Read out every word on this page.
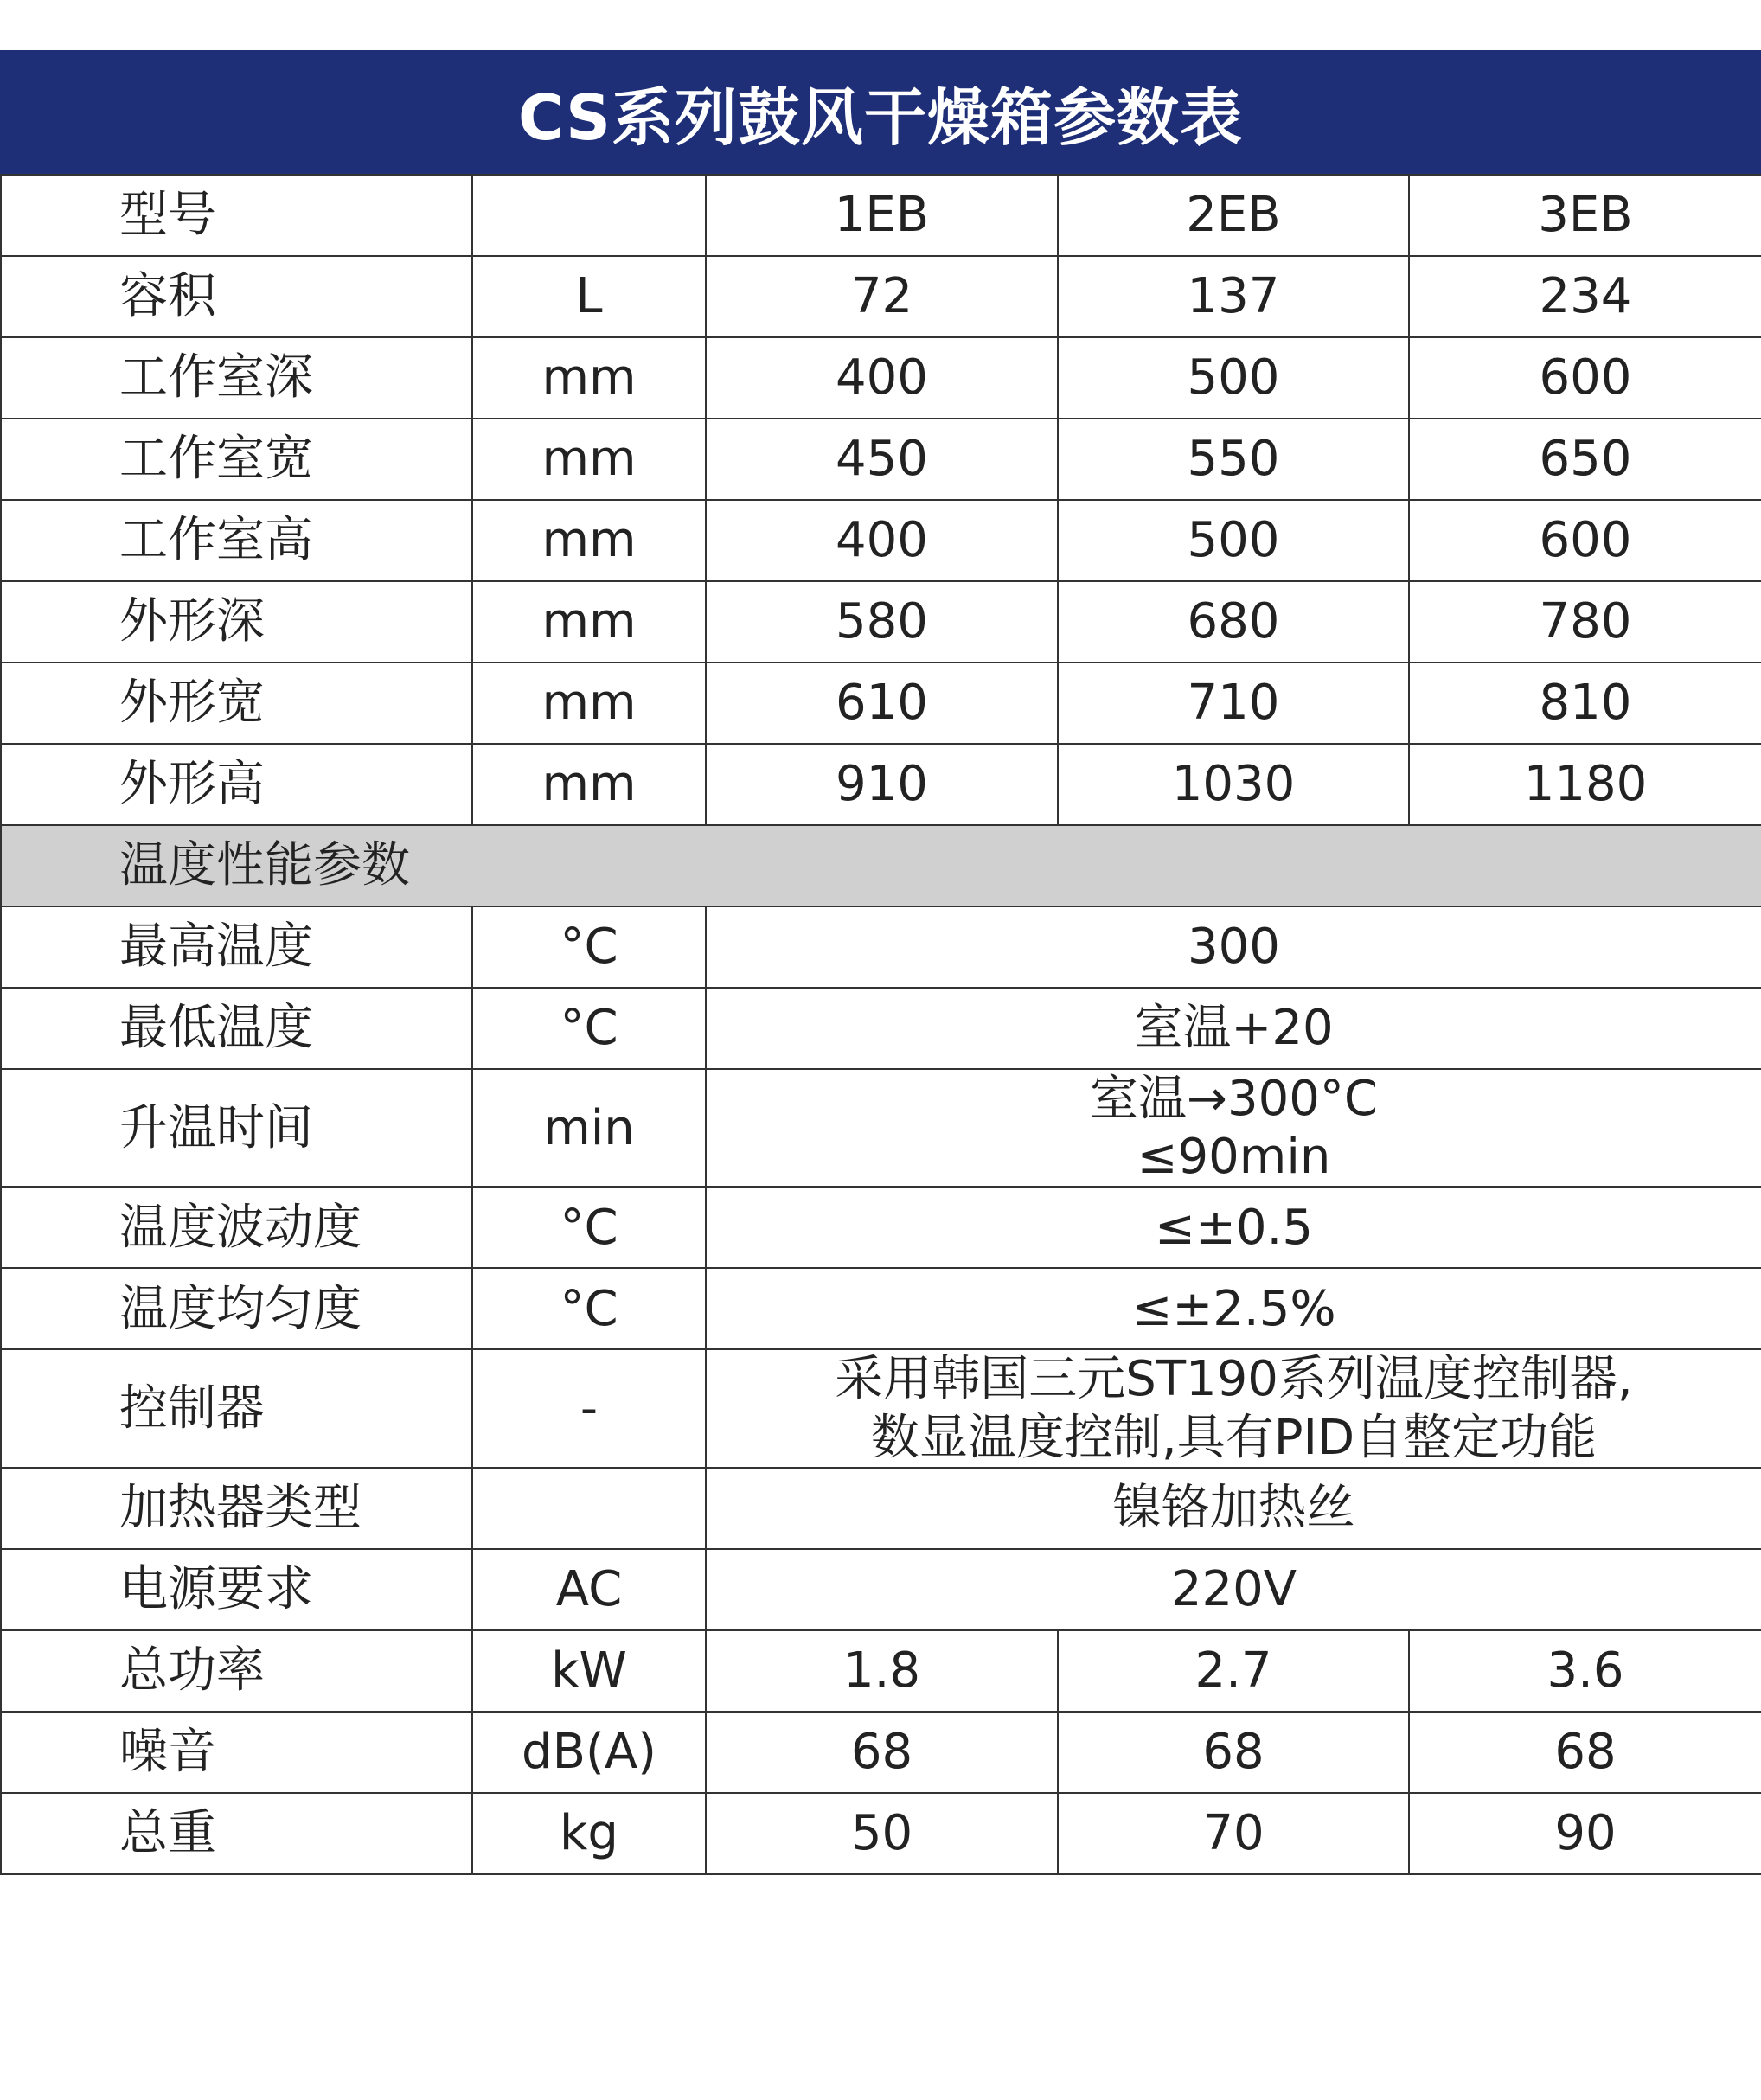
CS系列鼓风干燥箱参数表
型号		1EB	2EB	3EB
容积	L	72	137	234
工作室深	mm	400	500	600
工作室宽	mm	450	550	650
工作室高	mm	400	500	600
外形深	mm	580	680	780
外形宽	mm	610	710	810
外形高	mm	910	1030	1180
温度性能参数				
最高温度	°C	300		
最低温度	°C	室温+20		
升温时间	min	室温→300°C
≤90min		

温度波动度	°C	≤±0.5		
温度均匀度	°C	≤±2.5%		
控制器	-	采用韩国三元ST190系列温度控制器,
数显温度控制,具有PID自整定功能		

加热器类型		镍铬加热丝		
电源要求	AC	220V		
总功率	kW	1.8	2.7	3.6
噪音	dB(A)	68	68	68
总重	kg	50	70	90
